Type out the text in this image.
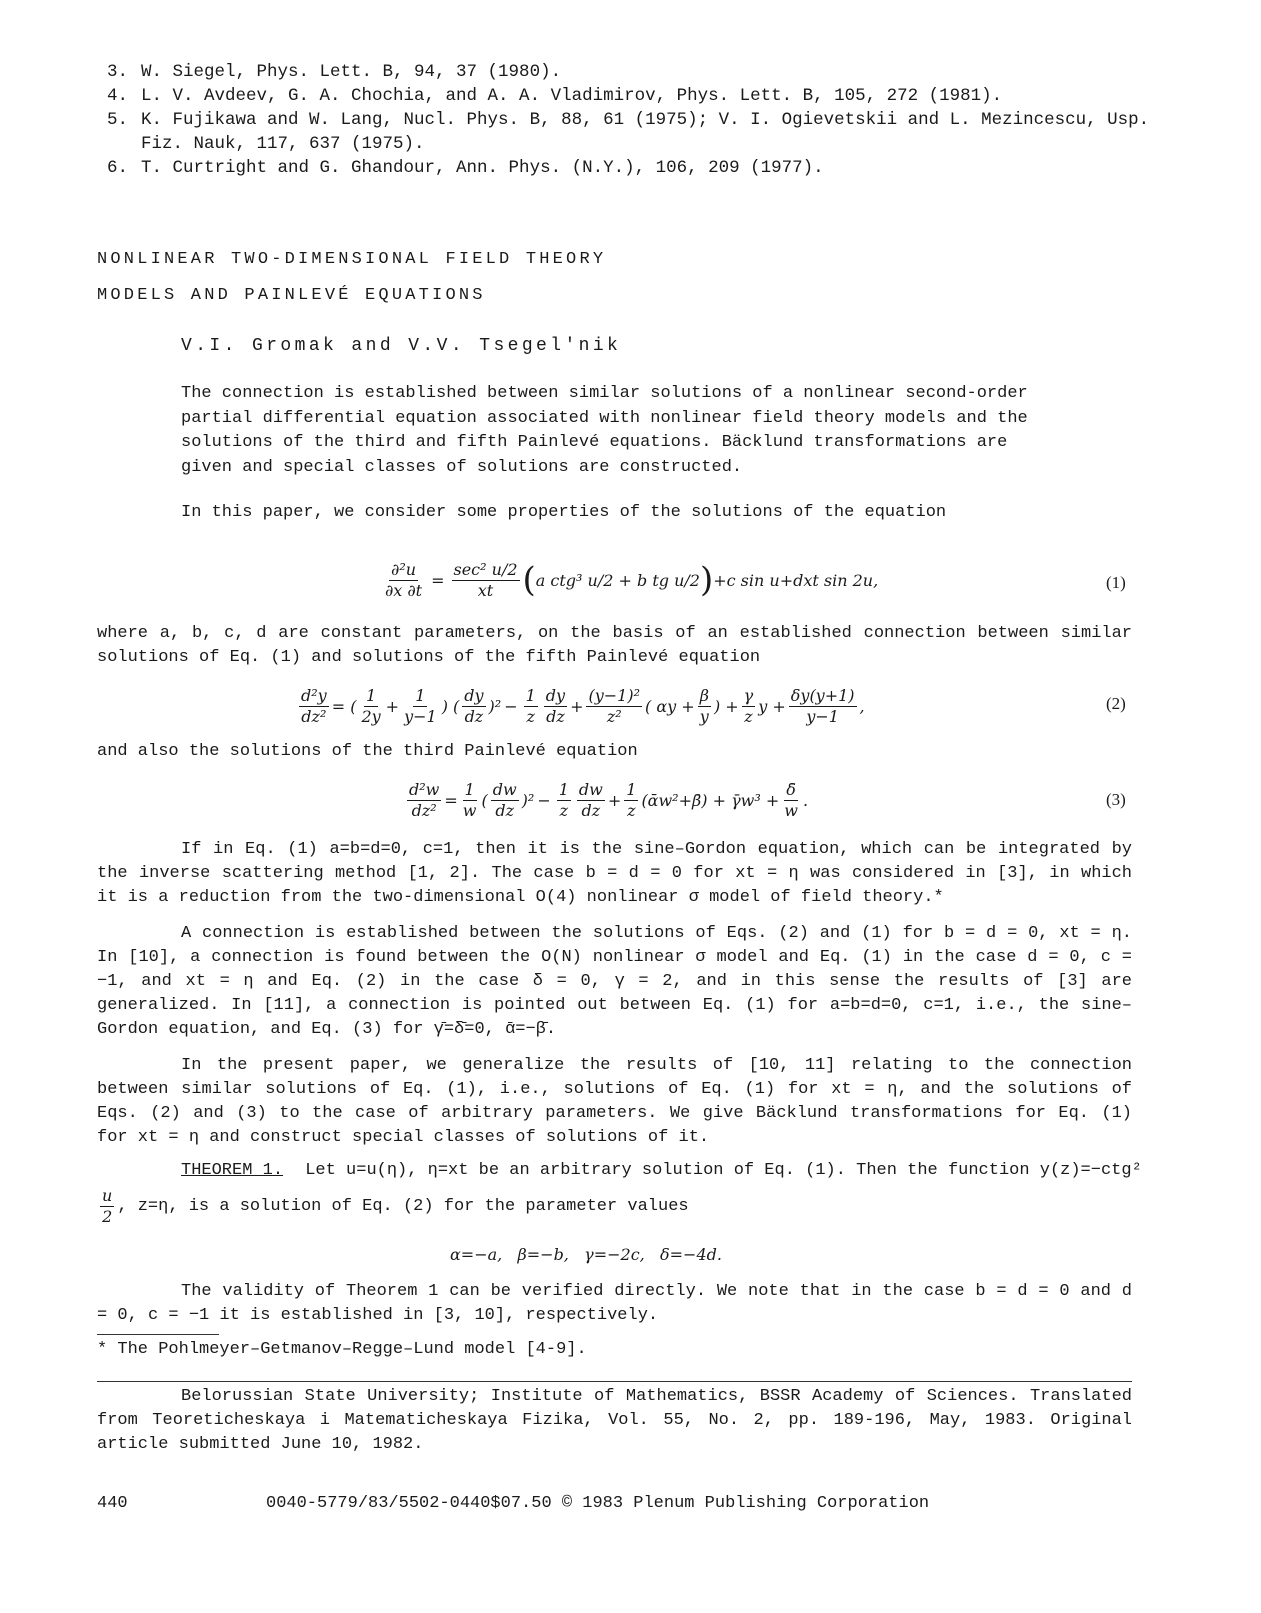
3. W. Siegel, Phys. Lett. B, 94, 37 (1980).
4. L. V. Avdeev, G. A. Chochia, and A. A. Vladimirov, Phys. Lett. B, 105, 272 (1981).
5. K. Fujikawa and W. Lang, Nucl. Phys. B, 88, 61 (1975); V. I. Ogievetskii and L. Mezincescu, Usp.
Fiz. Nauk, 117, 637 (1975).
6. T. Curtright and G. Ghandour, Ann. Phys. (N.Y.), 106, 209 (1977).
NONLINEAR TWO-DIMENSIONAL FIELD THEORY
MODELS AND PAINLEVÉ EQUATIONS
V.I. Gromak and V.V. Tsegel'nik
The connection is established between similar solutions of a nonlinear second-order
partial differential equation associated with nonlinear field theory models and the
solutions of the third and fifth Painlevé equations. Bäcklund transformations are
given and special classes of solutions are constructed.
In this paper, we consider some properties of the solutions of the equation
$\frac{\text{∂²u}}{\partial x \partial t} = \frac{\text{sec² u/2}}{xt}$ ( a ctg³ u/2 + b tg u/2 ) +c sin u+dxt sin 2u,	(1)
where a, b, c, d are constant parameters, on the basis of an established connection between similar solutions of Eq. (1) and solutions of the fifth Painlevé equation
$\frac{\text{d²y}}{\text{dz²}}$ = ( $\frac{1}{2y} + \frac{1}{y-1}$ ) ( $\frac{dy}{dz} )^2 - \frac{1}{z} \frac{dy}{dz} + \frac{\text{(y−1)²}}{\text{z²}}$ ( $\alpha y + \frac{\beta}{y}$ ) + $\frac{\gamma}{z}$ $y + \frac{\delta y(y+1)}{y-1}$ ,	(2)
and also the solutions of the third Painlevé equation
$\frac{\text{d²w}}{\text{dz²}} = \frac{1}{w}$ ( $\frac{dw}{dz} )^2 - \frac{1}{z} \frac{dw}{dz} + \frac{1}{z}$ (ᾱw²+β̄) + γ̄w³ + $\frac{\deltā}{w}$ .	(3)
If in Eq. (1) a=b=d=0, c=1, then it is the sine–Gordon equation, which can be integrated by the inverse scattering method [1, 2]. The case b = d = 0 for xt = η was considered in [3], in which it is a reduction from the two-dimensional O(4) nonlinear σ model of field theory.*
A connection is established between the solutions of Eqs. (2) and (1) for b = d = 0, xt = η. In [10], a connection is found between the O(N) nonlinear σ model and Eq. (1) in the case d = 0, c = −1, and xt = η and Eq. (2) in the case δ = 0, γ = 2, and in this sense the results of [3] are generalized. In [11], a connection is pointed out between Eq. (1) for a=b=d=0, c=1, i.e., the sine–Gordon equation, and Eq. (3) for γ̄=δ̄=0, ᾱ=−β̄.
In the present paper, we generalize the results of [10, 11] relating to the connection between similar solutions of Eq. (1), i.e., solutions of Eq. (1) for xt = η, and the solutions of Eqs. (2) and (3) to the case of arbitrary parameters. We give Bäcklund transformations for Eq. (1) for xt = η and construct special classes of solutions of it.
THEOREM 1. Let u=u(η), η=xt be an arbitrary solution of Eq. (1). Then the function y(z)=−ctg²
$\frac{u}{2}$ , z=η, is a solution of Eq. (2) for the parameter values
α=−a,   β=−b,   γ=−2c,   δ=−4d.
The validity of Theorem 1 can be verified directly. We note that in the case b = d = 0 and d = 0, c = −1 it is established in [3, 10], respectively.
* The Pohlmeyer–Getmanov–Regge–Lund model [4-9].
Belorussian State University; Institute of Mathematics, BSSR Academy of Sciences. Translated from Teoreticheskaya i Matematicheskaya Fizika, Vol. 55, No. 2, pp. 189-196, May, 1983. Original article submitted June 10, 1982.
440	0040-5779/83/5502-0440$07.50 © 1983 Plenum Publishing Corporation
